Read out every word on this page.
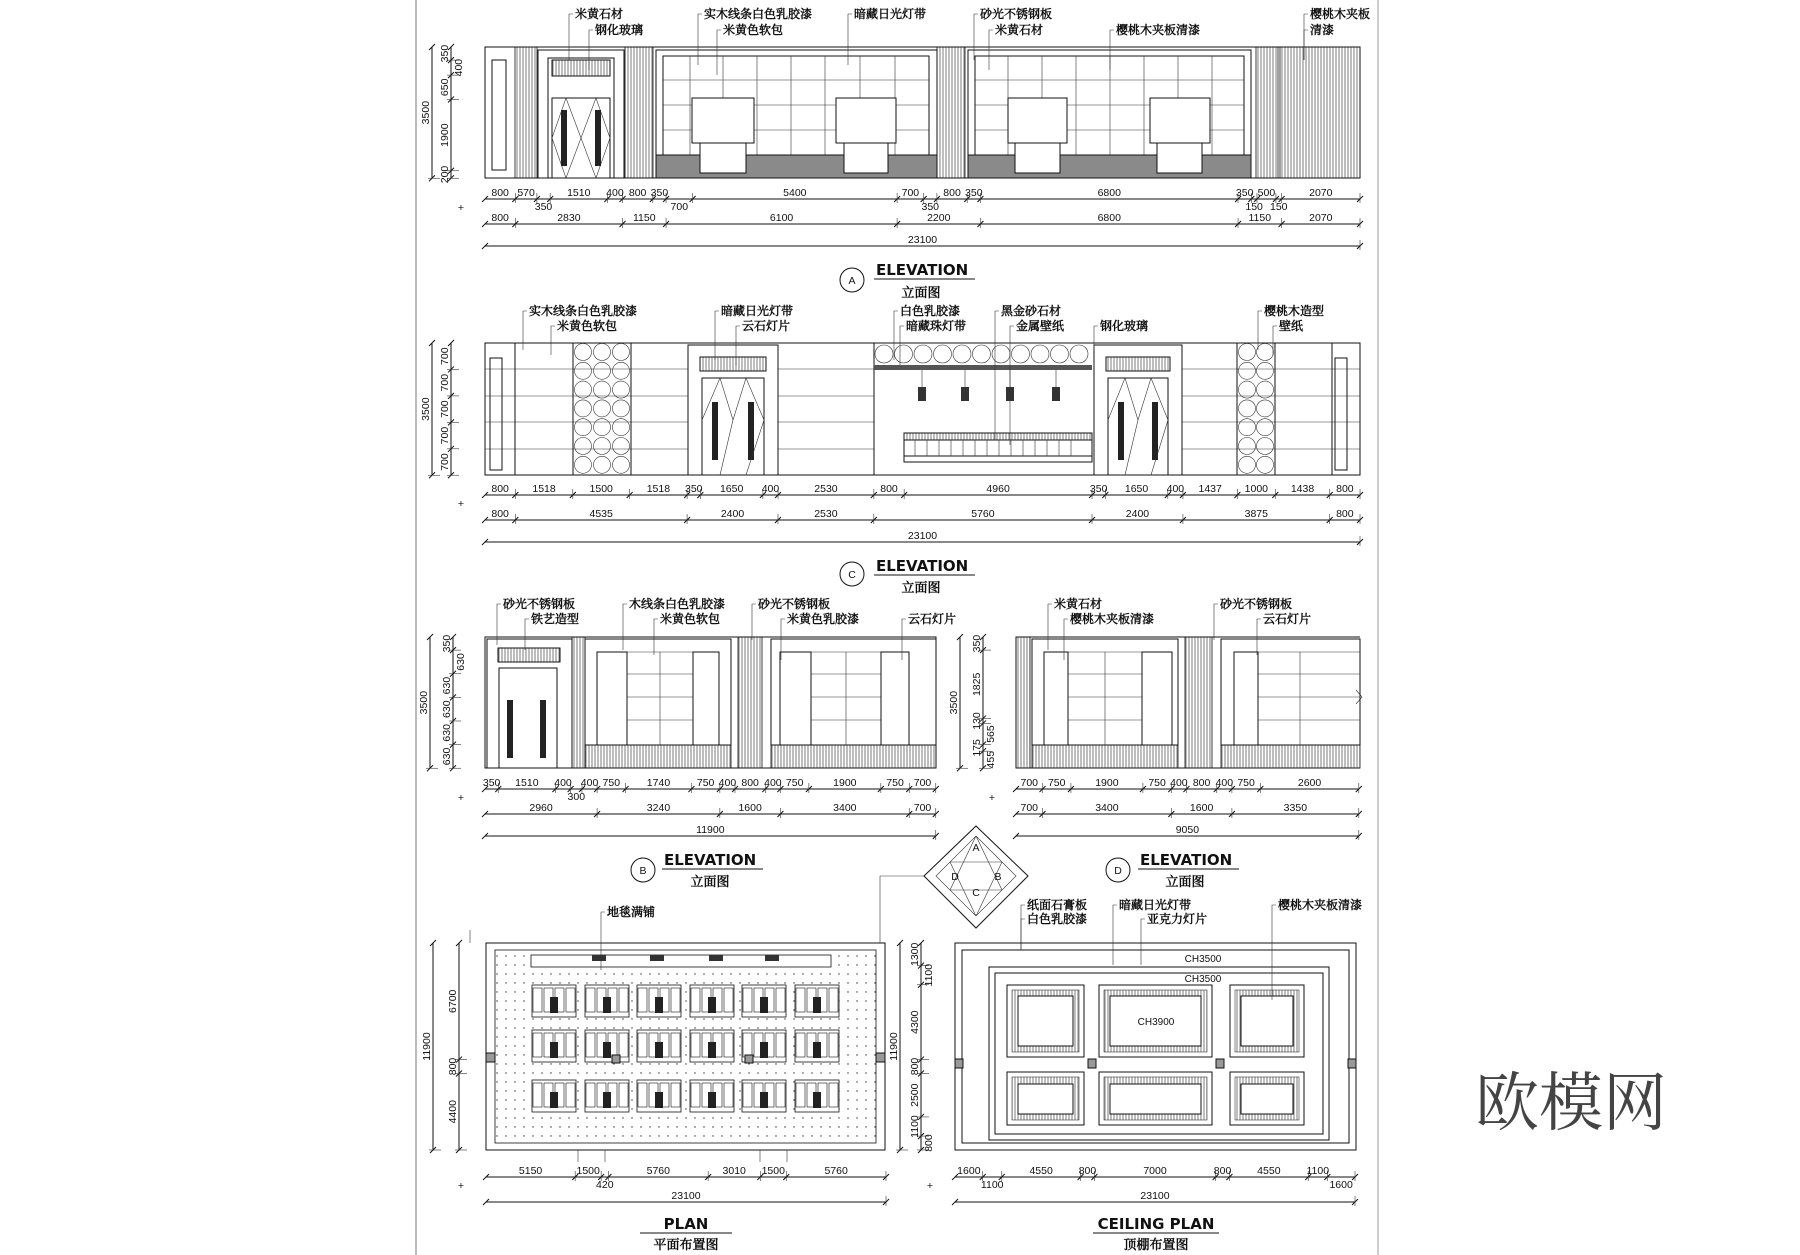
A
D	B
C
CH3500
CH3500
CH3900
A
ELEVATION
立面图
C ELEVATION
立面图
B
ELEVATION
立面图
D
ELEVATION
立面图
PLAN
平面布置图
CEILING PLAN
顶棚布置图
欧模网
800 570
350
1510 400 800 350
700
5400	700
350
800 350	6800	350
150
500
150
2070
800	2830	1150	6100	2200	6800	1150	2070
23100
350
400
650
1900
200
3500
+
米黄石材
钢化玻璃
实木线条白色乳胶漆
米黄色软包
暗藏日光灯带	砂光不锈钢板
米黄石材	樱桃木夹板清漆
樱桃木夹板
清漆
800 1518	1500	1518 350 1650 400	2530	800	4960	350 1650 400 1437 1000 1438 800
800	4535	2400	2530	5760	2400	3875	800
23100
700
700
700
700
700
3500
+
实木线条白色乳胶漆
米黄色软包
暗藏日光灯带
云石灯片
白色乳胶漆
暗藏珠灯带
黑金砂石材
金属壁纸	钢化玻璃
樱桃木造型
壁纸
350 1510 400
300
400 750	1740	750 400 800 400 750	1900	750 700
2960	3240	1600	3400	700
11900
350
630
630
630
630
630
3500
+
砂光不锈钢板
铁艺造型
木线条白色乳胶漆
米黄色软包
砂光不锈钢板
米黄色乳胶漆	云石灯片
700 750	1900	750 400 800 400 750	2600
700	3400	1600	3350
9050
350
1825
130
565
175
455
3500
+
米黄石材
樱桃木夹板清漆
砂光不锈钢板
云石灯片
5150	1500
420
5760	3010 1500	5760
23100
6700
800
4400
11900
+
地毯满铺
1600
1100
4550 800	7000	800 4550 1100
1600
23100
1300
1100
4300
800
2500
1100
800
11900
+
纸面石膏板
白色乳胶漆
暗藏日光灯带
亚克力灯片
樱桃木夹板清漆
